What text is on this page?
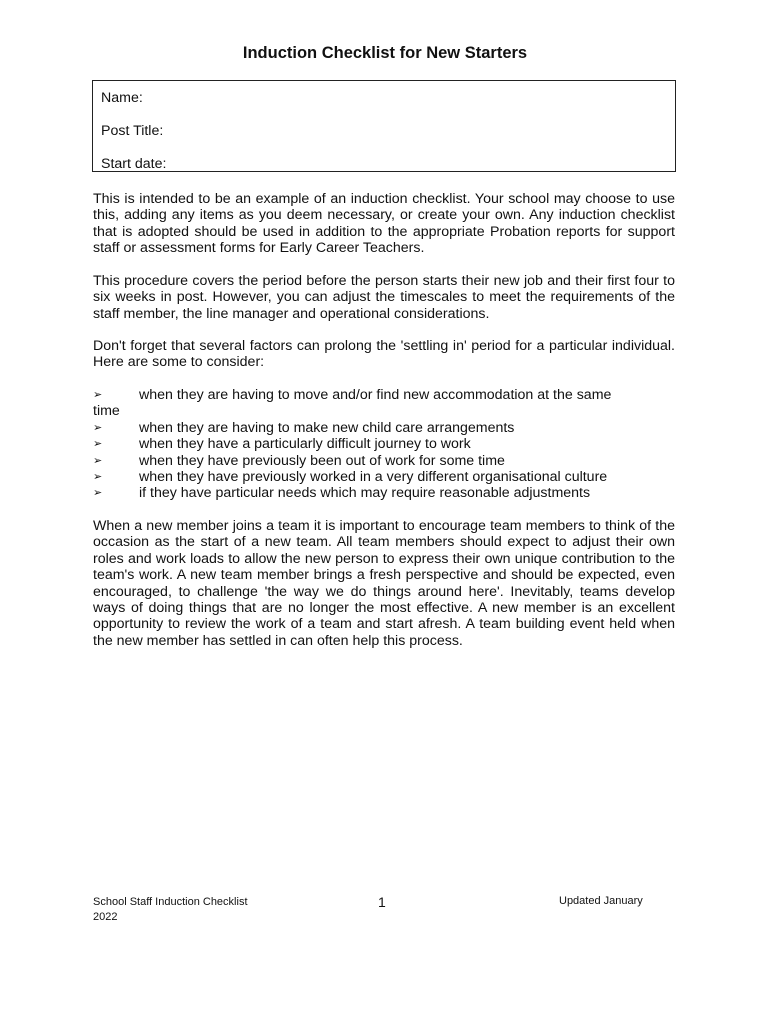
Induction Checklist for New Starters
Name:
Post Title:
Start date:
This is intended to be an example of an induction checklist. Your school may choose to use this, adding any items as you deem necessary, or create your own. Any induction checklist that is adopted should be used in addition to the appropriate Probation reports for support staff or assessment forms for Early Career Teachers.
This procedure covers the period before the person starts their new job and their first four to six weeks in post. However, you can adjust the timescales to meet the requirements of the staff member, the line manager and operational considerations.
Don't forget that several factors can prolong the 'settling in' period for a particular individual. Here are some to consider:
➢	when they are having to move and/or find new accommodation at the same
time
➢	when they are having to make new child care arrangements
➢	when they have a particularly difficult journey to work
➢	when they have previously been out of work for some time
➢	when they have previously worked in a very different organisational culture
➢	if they have particular needs which may require reasonable adjustments
When a new member joins a team it is important to encourage team members to think of the occasion as the start of a new team. All team members should expect to adjust their own roles and work loads to allow the new person to express their own unique contribution to the team's work. A new team member brings a fresh perspective and should be expected, even encouraged, to challenge 'the way we do things around here'. Inevitably, teams develop ways of doing things that are no longer the most effective. A new member is an excellent opportunity to review the work of a team and start afresh. A team building event held when the new member has settled in can often help this process.
School Staff Induction Checklist
2022
1	Updated January
